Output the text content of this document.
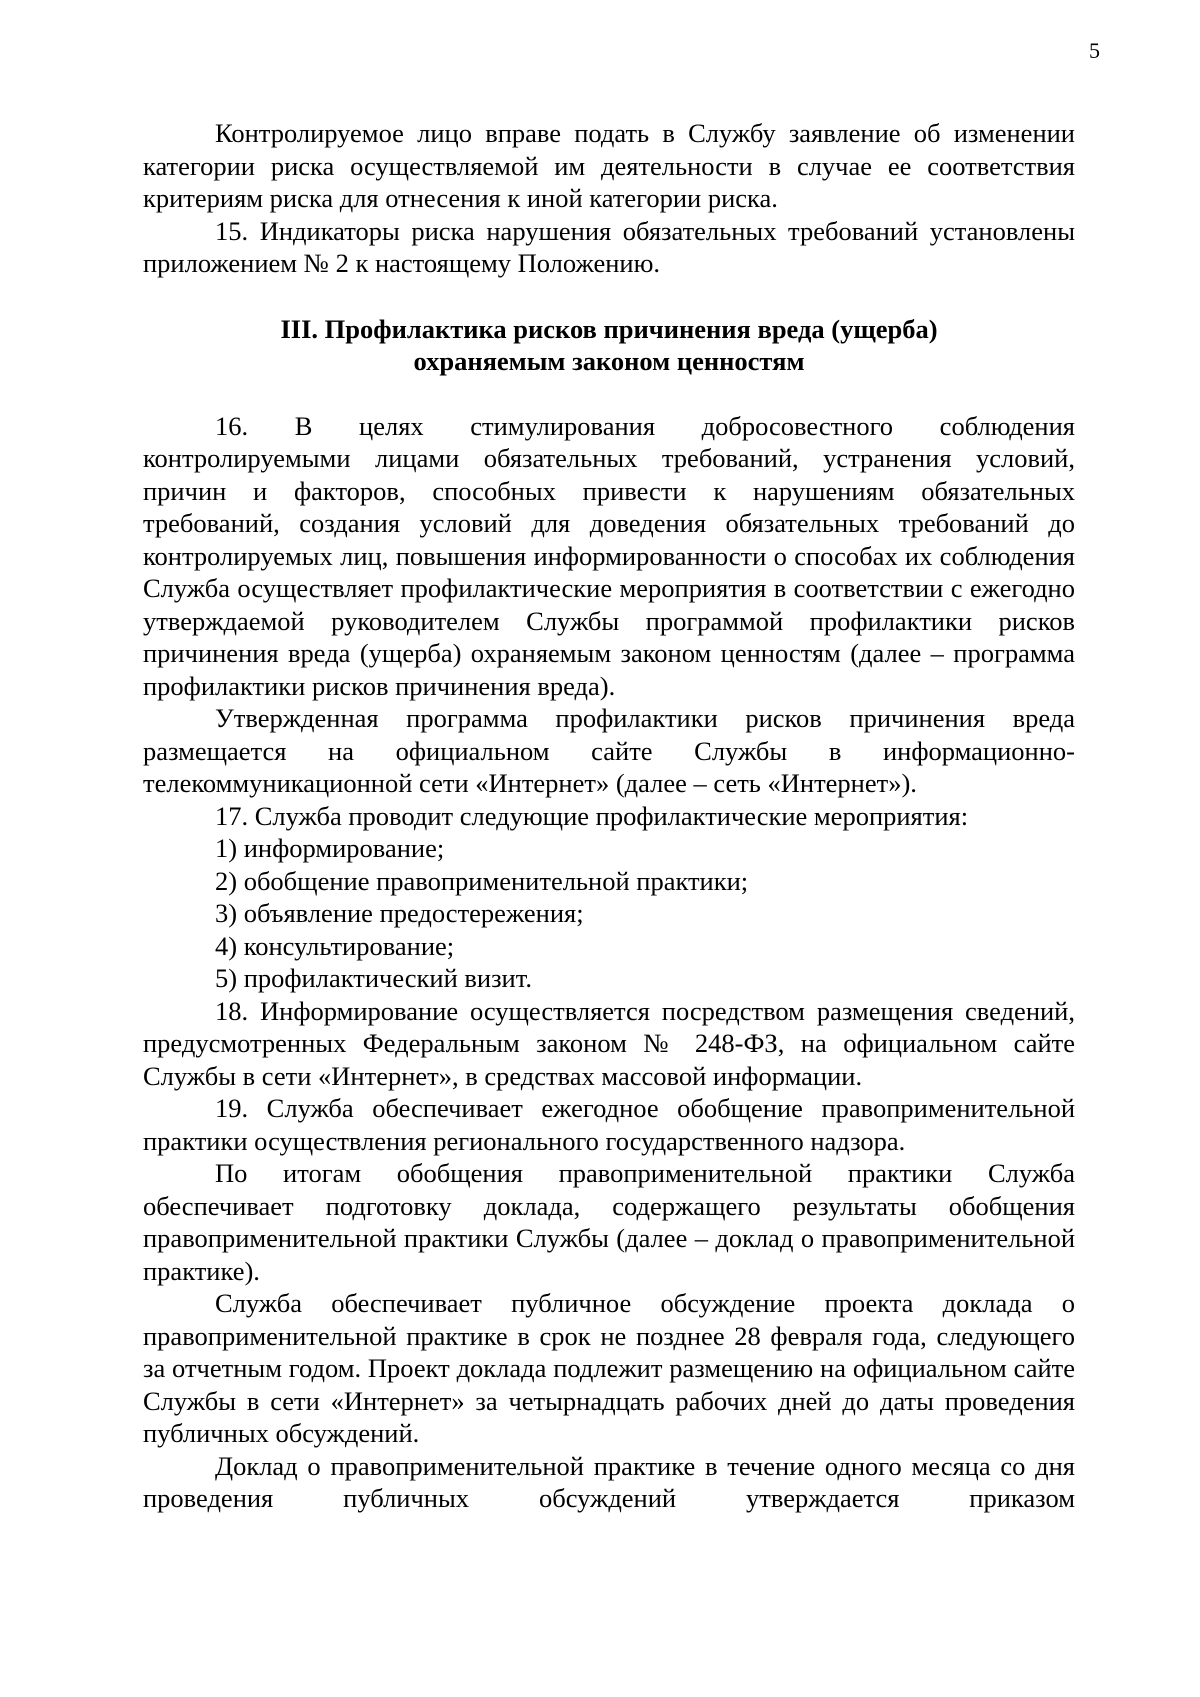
5

Контролируемое лицо вправе подать в Службу заявление об изменении категории риска осуществляемой им деятельности в случае ее соответствия критериям риска для отнесения к иной категории риска.

15. Индикаторы риска нарушения обязательных требований установлены приложением № 2 к настоящему Положению.

III. Профилактика рисков причинения вреда (ущерба)
охраняемым законом ценностям

16. В целях стимулирования добросовестного соблюдения контролируемыми лицами обязательных требований, устранения условий, причин и факторов, способных привести к нарушениям обязательных требований, создания условий для доведения обязательных требований до контролируемых лиц, повышения информированности о способах их соблюдения Служба осуществляет профилактические мероприятия в соответствии с ежегодно утверждаемой руководителем Службы программой профилактики рисков причинения вреда (ущерба) охраняемым законом ценностям (далее – программа профилактики рисков причинения вреда).

Утвержденная программа профилактики рисков причинения вреда размещается на официальном сайте Службы в информационно-телекоммуникационной сети «Интернет» (далее – сеть «Интернет»).

17. Служба проводит следующие профилактические мероприятия:

1) информирование;

2) обобщение правоприменительной практики;

3) объявление предостережения;

4) консультирование;

5) профилактический визит.

18. Информирование осуществляется посредством размещения сведений, предусмотренных Федеральным законом № 248-ФЗ, на официальном сайте Службы в сети «Интернет», в средствах массовой информации.

19. Служба обеспечивает ежегодное обобщение правоприменительной практики осуществления регионального государственного надзора.

По итогам обобщения правоприменительной практики Служба обеспечивает подготовку доклада, содержащего результаты обобщения правоприменительной практики Службы (далее – доклад о правоприменительной практике).

Служба обеспечивает публичное обсуждение проекта доклада о правоприменительной практике в срок не позднее 28 февраля года, следующего за отчетным годом. Проект доклада подлежит размещению на официальном сайте Службы в сети «Интернет» за четырнадцать рабочих дней до даты проведения публичных обсуждений.

Доклад о правоприменительной практике в течение одного месяца со дня проведения публичных обсуждений утверждается приказом
